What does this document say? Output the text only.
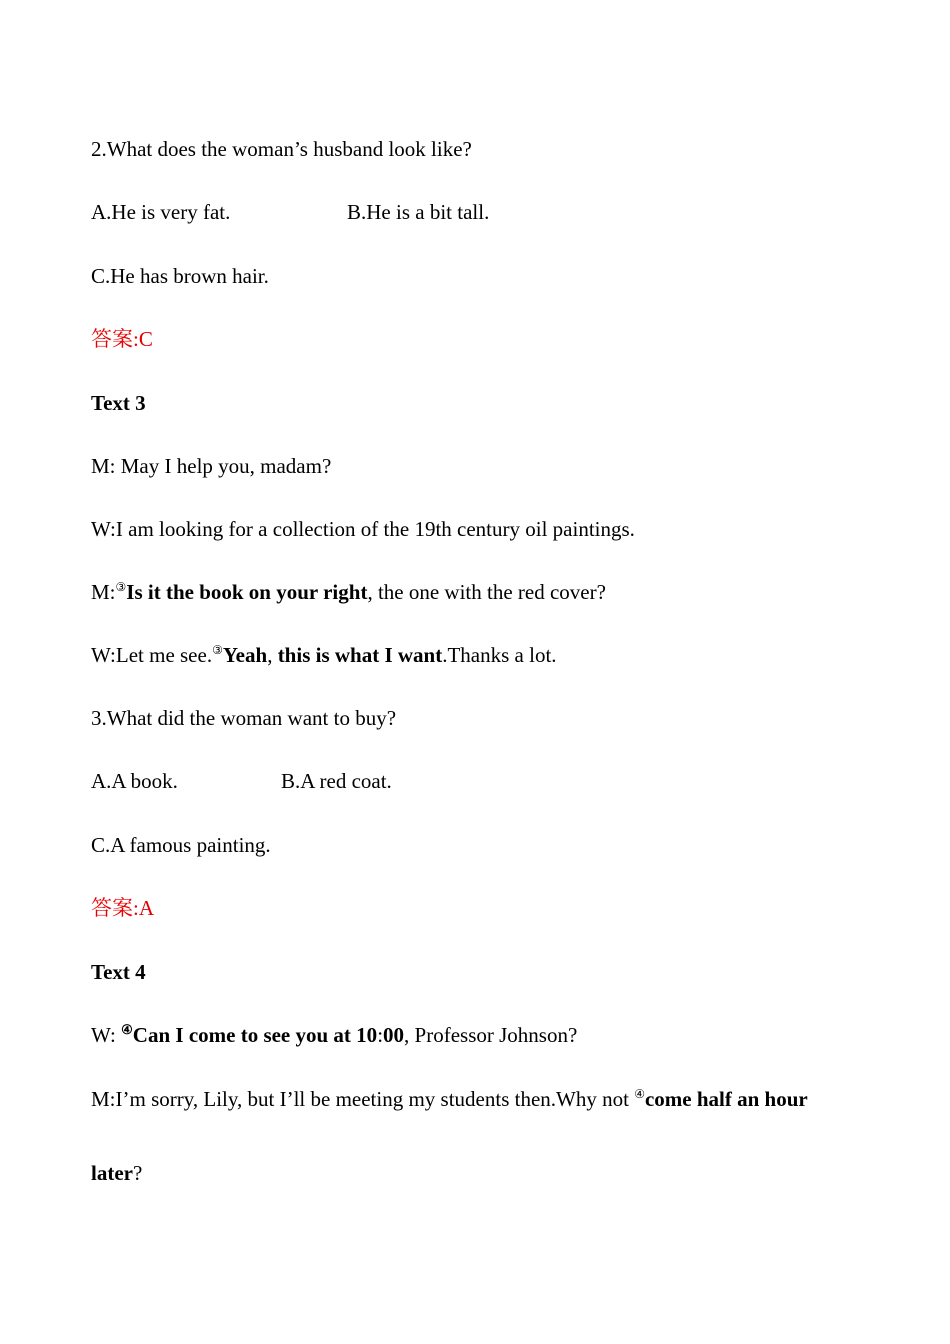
2.What does the woman’s husband look like?
A.He is very fat.	B.He is a bit tall.
C.He has brown hair.
答案:C
Text 3
M: May I help you, madam?
W:I am looking for a collection of the 19th century oil paintings.
M:③Is it the book on your right, the one with the red cover?
W:Let me see.③Yeah, this is what I want.Thanks a lot.
3.What did the woman want to buy?
A.A book.	B.A red coat.
C.A famous painting.
答案:A
Text 4
W: ④Can I come to see you at 10:00, Professor Johnson?
M:I’m sorry, Lily, but I’ll be meeting my students then.Why not ④come half an hour
later?
